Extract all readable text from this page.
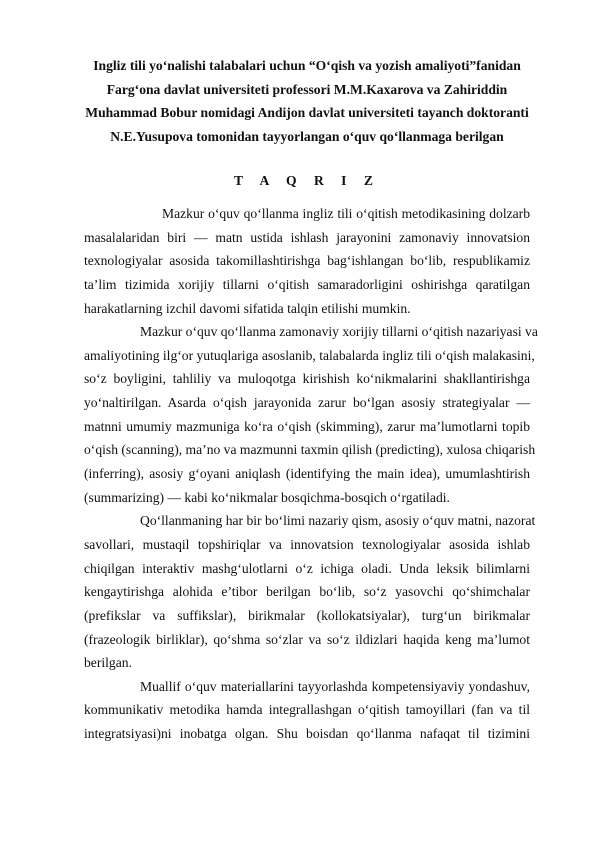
Ingliz tili yo‘nalishi talabalari uchun “O‘qish va yozish amaliyoti”fanidan
Farg‘ona davlat universiteti professori M.M.Kaxarova va Zahiriddin
Muhammad Bobur nomidagi Andijon davlat universiteti tayanch doktoranti
N.E.Yusupova tomonidan tayyorlangan o‘quv qo‘llanmaga berilgan
T A Q R I Z
Mazkur o‘quv qo‘llanma ingliz tili o‘qitish metodikasining dolzarb
masalalaridan biri — matn ustida ishlash jarayonini zamonaviy innovatsion
texnologiyalar asosida takomillashtirishga bag‘ishlangan bo‘lib, respublikamiz
ta’lim tizimida xorijiy tillarni o‘qitish samaradorligini oshirishga qaratilgan
harakatlarning izchil davomi sifatida talqin etilishi mumkin.
Mazkur o‘quv qo‘llanma zamonaviy xorijiy tillarni o‘qitish nazariyasi va
amaliyotining ilg‘or yutuqlariga asoslanib, talabalarda ingliz tili o‘qish malakasini,
so‘z boyligini, tahliliy va muloqotga kirishish ko‘nikmalarini shakllantirishga
yo‘naltirilgan. Asarda o‘qish jarayonida zarur bo‘lgan asosiy strategiyalar —
matnni umumiy mazmuniga ko‘ra o‘qish (skimming), zarur ma’lumotlarni topib
o‘qish (scanning), ma’no va mazmunni taxmin qilish (predicting), xulosa chiqarish
(inferring), asosiy g‘oyani aniqlash (identifying the main idea), umumlashtirish
(summarizing) — kabi ko‘nikmalar bosqichma-bosqich o‘rgatiladi.
Qo‘llanmaning har bir bo‘limi nazariy qism, asosiy o‘quv matni, nazorat
savollari, mustaqil topshiriqlar va innovatsion texnologiyalar asosida ishlab
chiqilgan interaktiv mashg‘ulotlarni o‘z ichiga oladi. Unda leksik bilimlarni
kengaytirishga alohida e’tibor berilgan bo‘lib, so‘z yasovchi qo‘shimchalar
(prefikslar va suffikslar), birikmalar (kollokatsiyalar), turg‘un birikmalar
(frazeologik birliklar), qo‘shma so‘zlar va so‘z ildizlari haqida keng ma’lumot
berilgan.
Muallif o‘quv materiallarini tayyorlashda kompetensiyaviy yondashuv,
kommunikativ metodika hamda integrallashgan o‘qitish tamoyillari (fan va til
integratsiyasi)ni inobatga olgan. Shu boisdan qo‘llanma nafaqat til tizimini
